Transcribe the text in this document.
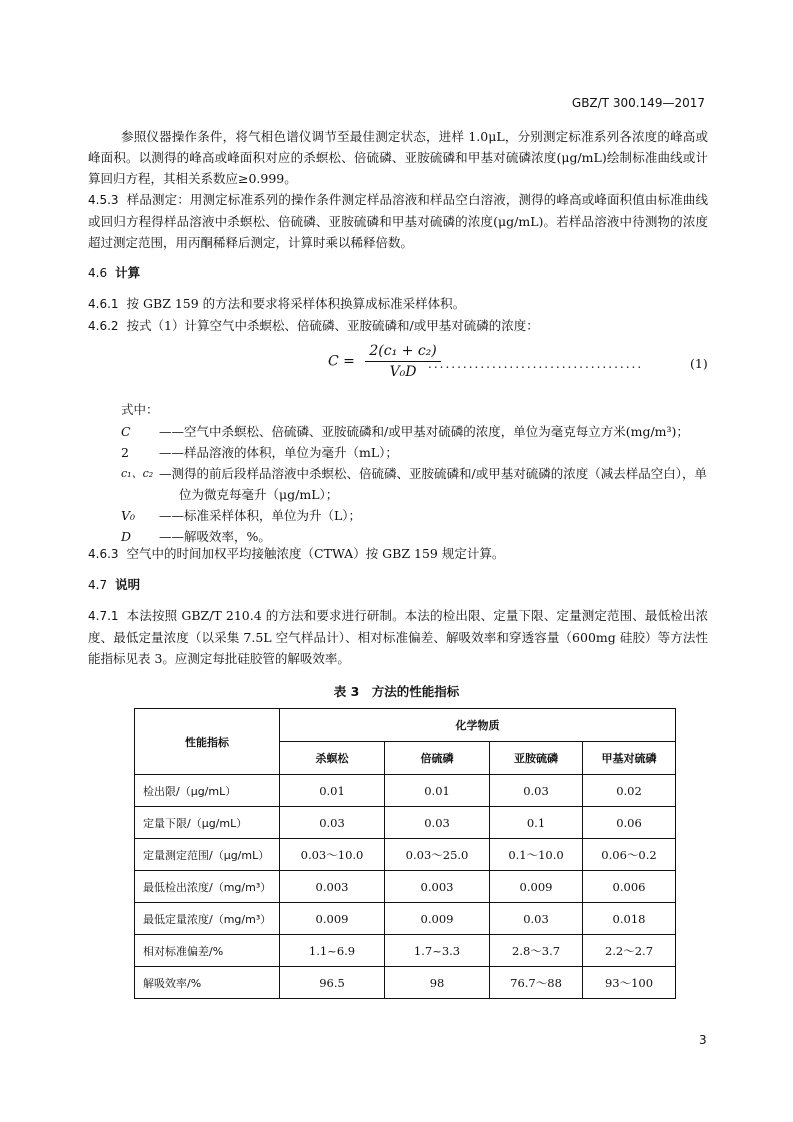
GBZ/T 300.149—2017

参照仪器操作条件，将气相色谱仪调节至最佳测定状态，进样 1.0μL，分别测定标准系列各浓度的峰高或峰面积。以测得的峰高或峰面积对应的杀螟松、倍硫磷、亚胺硫磷和甲基对硫磷浓度(μg/mL)绘制标准曲线或计算回归方程，其相关系数应≥0.999。

4.5.3 样品测定：用测定标准系列的操作条件测定样品溶液和样品空白溶液，测得的峰高或峰面积值由标准曲线或回归方程得样品溶液中杀螟松、倍硫磷、亚胺硫磷和甲基对硫磷的浓度(μg/mL)。若样品溶液中待测物的浓度超过测定范围，用丙酮稀释后测定，计算时乘以稀释倍数。

4.6 计算

4.6.1 按 GBZ 159 的方法和要求将采样体积换算成标准采样体积。

4.6.2 按式（1）计算空气中杀螟松、倍硫磷、亚胺硫磷和/或甲基对硫磷的浓度：

$C = \frac{\text{2(c₁ + c₂)}}{\text{V₀D}}$
.....................................	(1)
式中：
C	——空气中杀螟松、倍硫磷、亚胺硫磷和/或甲基对硫磷的浓度，单位为毫克每立方米(mg/m³)；
2	——样品溶液的体积，单位为毫升（mL）；
c₁、c₂ —测得的前后段样品溶液中杀螟松、倍硫磷、亚胺硫磷和/或甲基对硫磷的浓度（减去样品空白），单位为微克每毫升（μg/mL）；
V₀	——标准采样体积，单位为升（L）；
D	——解吸效率，%。

4.6.3 空气中的时间加权平均接触浓度（CTWA）按 GBZ 159 规定计算。

4.7 说明

4.7.1 本法按照 GBZ/T 210.4 的方法和要求进行研制。本法的检出限、定量下限、定量测定范围、最低检出浓度、最低定量浓度（以采集 7.5L 空气样品计）、相对标准偏差、解吸效率和穿透容量（600mg 硅胶）等方法性能指标见表 3。应测定每批硅胶管的解吸效率。

表 3　方法的性能指标
性能指标	化学物质			
	杀螟松	倍硫磷	亚胺硫磷	甲基对硫磷
检出限/（μg/mL）	0.01	0.01	0.03	0.02
定量下限/（μg/mL）	0.03	0.03	0.1	0.06
定量测定范围/（μg/mL）	0.03～10.0	0.03～25.0	0.1～10.0	0.06～0.2
最低检出浓度/（mg/m³）	0.003	0.003	0.009	0.006
最低定量浓度/（mg/m³）	0.009	0.009	0.03	0.018
相对标准偏差/%	1.1~6.9	1.7~3.3	2.8～3.7	2.2～2.7
解吸效率/%	96.5	98	76.7～88	93～100
3
